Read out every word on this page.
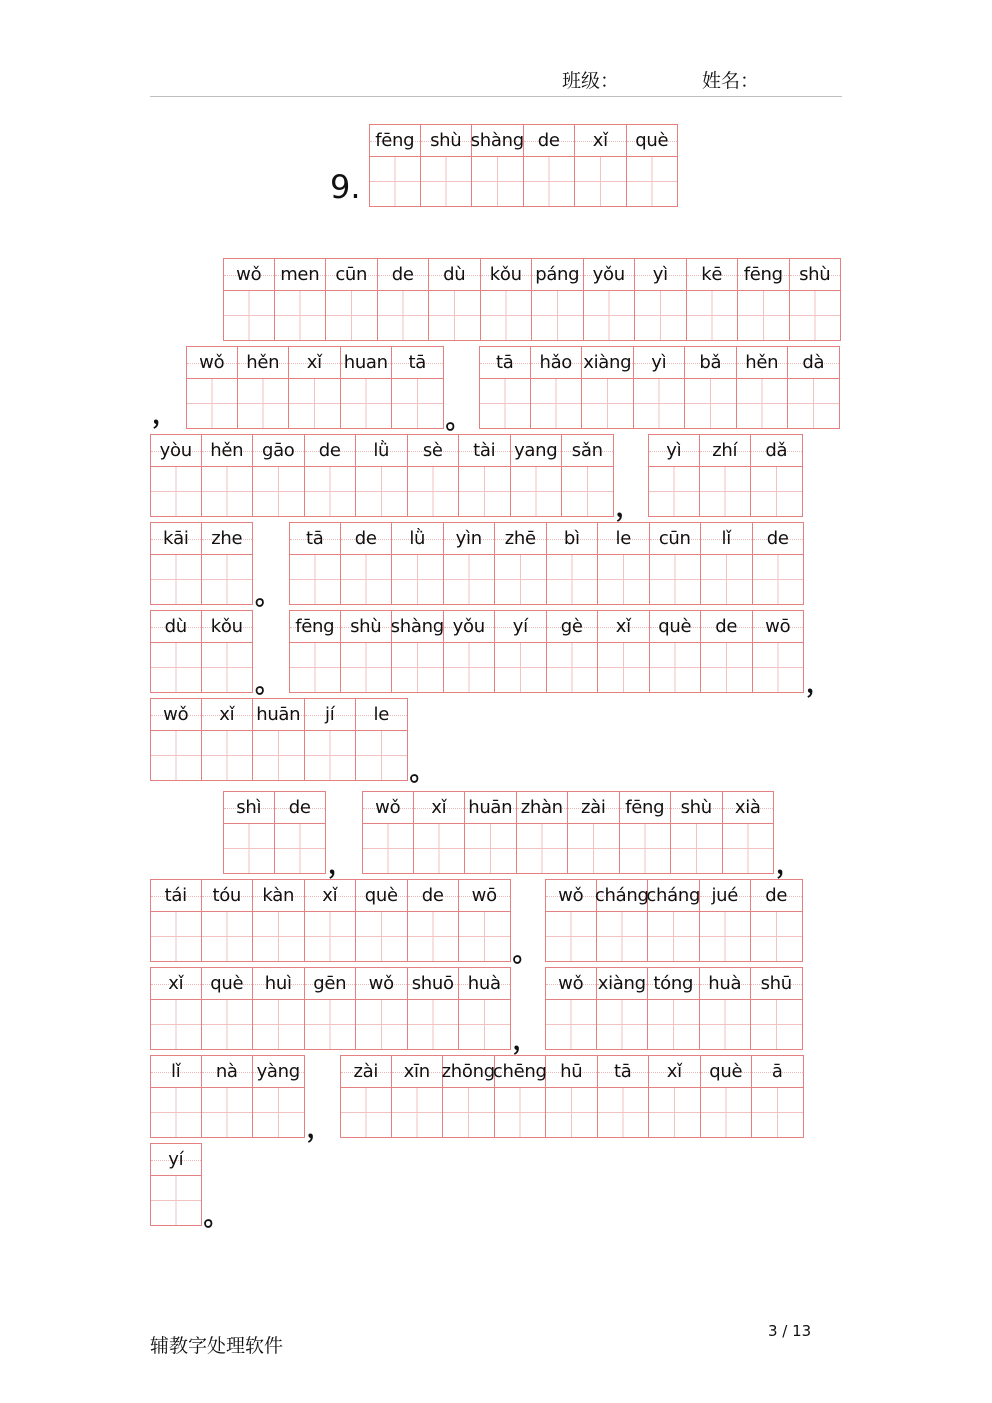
班级：	姓名：
9.
fēng shù shàng de xǐ què
wǒ men cūn de dù kǒu páng yǒu yì kē fēng shù
，
wǒ hěn xǐ huan tā
。
tā hǎo xiàng yì bǎ hěn dà
yòu hěn gāo de lǜ sè tài yang sǎn
，
yì zhí dǎ
kāi zhe
。
tā de lǜ yìn zhē bì le cūn lǐ de
dù kǒu
。
fēng shù shàng yǒu yí gè xǐ què de wō
，
wǒ xǐ huān jí le
。
shì de
，
wǒ xǐ huān zhàn zài fēng shù xià
，
tái tóu kàn xǐ què de wō
。
wǒ cháng
cháng jué de
xǐ què huì gēn wǒ shuō huà
，
wǒ xiàng tóng huà shū
lǐ nà yàng
，
zài xīn zhōng
chēng hū tā xǐ què ā
yí
。
辅教字处理软件
3 / 13
